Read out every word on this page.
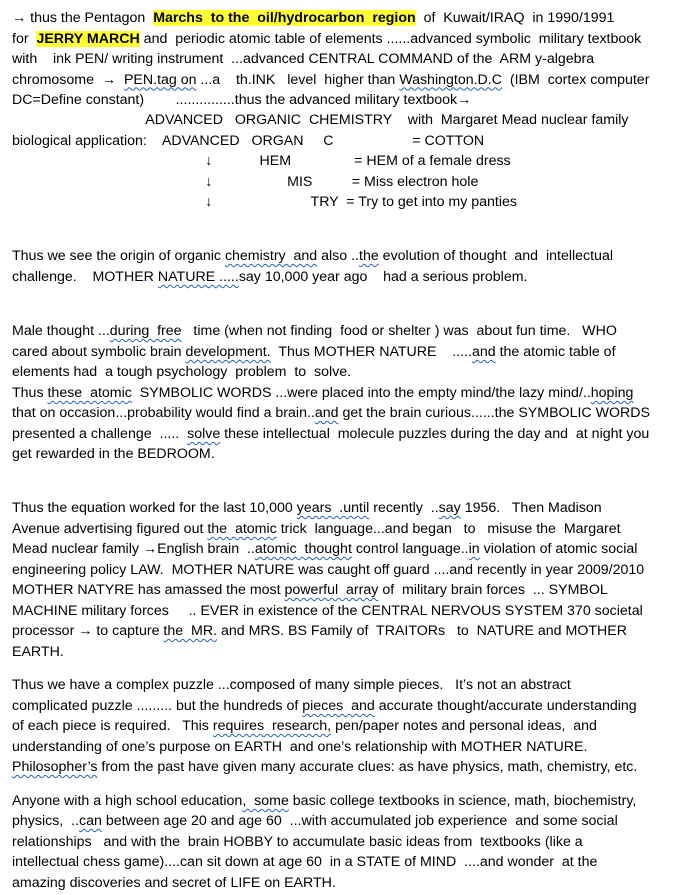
→ thus the Pentagon  Marchs  to the  oil/hydrocarbon  region  of  Kuwait/IRAQ  in 1990/1991
for  JERRY MARCH and  periodic atomic table of elements ......advanced symbolic  military textbook
with    ink PEN/ writing instrument  ...advanced CENTRAL COMMAND of the  ARM y-algebra
chromosome  →  PEN.tag on ...a    th.INK   level  higher than Washington.D.C  (IBM  cortex computer
DC=Define constant)        ...............thus the advanced military textbook→
ADVANCED   ORGANIC  CHEMISTRY    with  Margaret Mead nuclear family
biological application:    ADVANCED   ORGAN     C                    = COTTON
↓            HEM                = HEM of a female dress
↓                   MIS          = Miss electron hole
↓                         TRY  = Try to get into my panties
Thus we see the origin of organic chemistry  and also ..the evolution of thought  and  intellectual
challenge.    MOTHER NATURE .....say 10,000 year ago    had a serious problem.
Male thought ...during  free   time (when not finding  food or shelter ) was  about fun time.   WHO
cared about symbolic brain development.  Thus MOTHER NATURE    .....and the atomic table of
elements had  a tough psychology  problem  to  solve.
Thus these  atomic  SYMBOLIC WORDS ...were placed into the empty mind/the lazy mind/..hoping
that on occasion...probability would find a brain..and get the brain curious......the SYMBOLIC WORDS
presented a challenge  .....  solve these intellectual  molecule puzzles during the day and  at night you
get rewarded in the BEDROOM.
Thus the equation worked for the last 10,000 years  .until recently  ..say 1956.   Then Madison
Avenue advertising figured out the  atomic trick  language...and began   to   misuse the  Margaret
Mead nuclear family →English brain  ..atomic  thought control language..in violation of atomic social
engineering policy LAW.  MOTHER NATURE was caught off guard ....and recently in year 2009/2010
MOTHER NATYRE has amassed the most powerful  array of  military brain forces  ... SYMBOL
MACHINE military forces     .. EVER in existence of the CENTRAL NERVOUS SYSTEM 370 societal
processor → to capture the  MR. and MRS. BS Family of  TRAITORs   to  NATURE and MOTHER
EARTH.
Thus we have a complex puzzle ...composed of many simple pieces.   It’s not an abstract
complicated puzzle ......... but the hundreds of pieces  and accurate thought/accurate understanding
of each piece is required.   This requires  research, pen/paper notes and personal ideas,  and
understanding of one’s purpose on EARTH  and one’s relationship with MOTHER NATURE.
Philosopher’s from the past have given many accurate clues: as have physics, math, chemistry, etc.
Anyone with a high school education,  some basic college textbooks in science, math, biochemistry,
physics,  ..can between age 20 and age 60  ...with accumulated job experience  and some social
relationships   and with the  brain HOBBY to accumulate basic ideas from  textbooks (like a
intellectual chess game)....can sit down at age 60  in a STATE of MIND  ....and wonder  at the
amazing discoveries and secret of LIFE on EARTH.
